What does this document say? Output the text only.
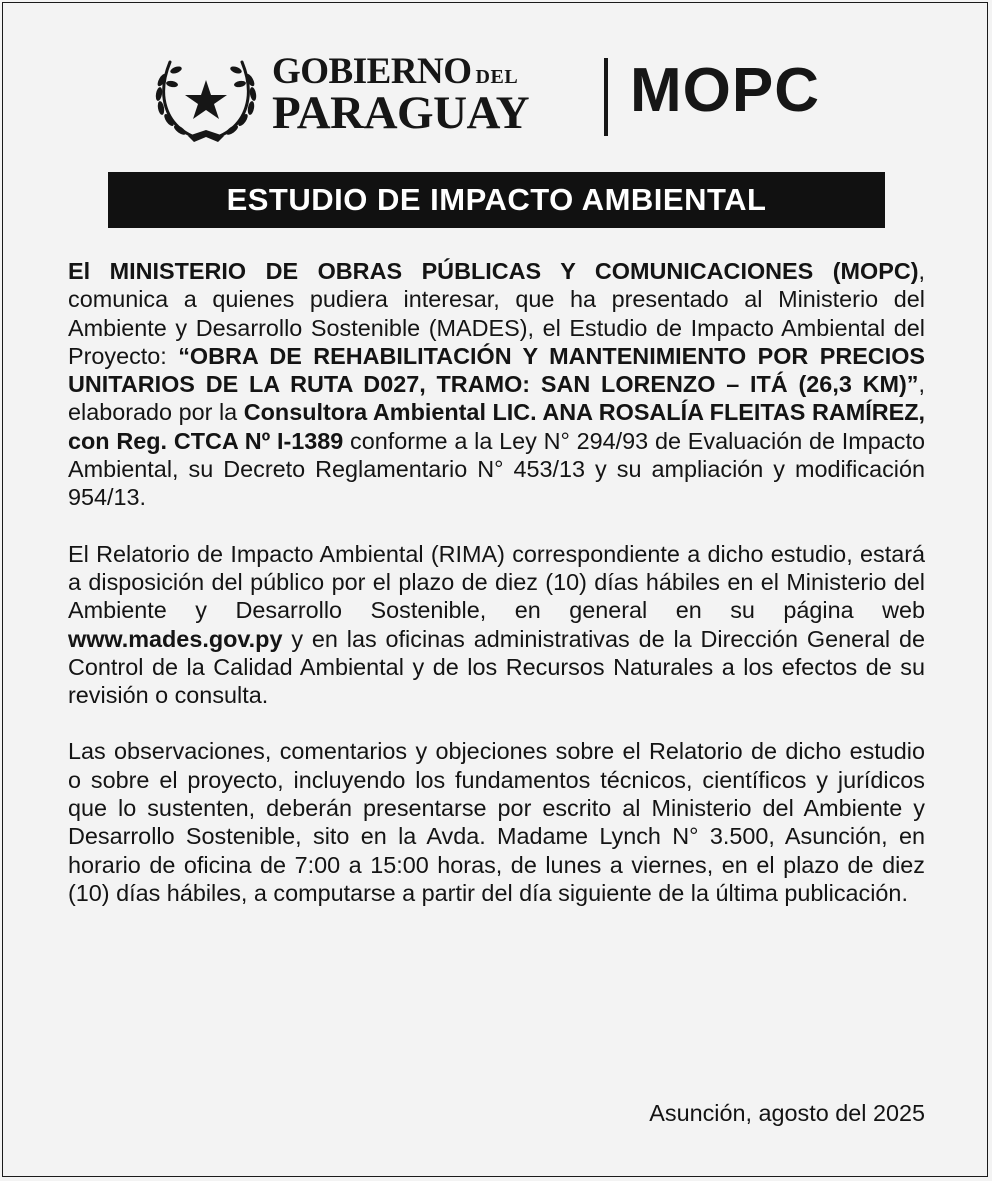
GOBIERNO DEL
PARAGUAY MOPC
ESTUDIO DE IMPACTO AMBIENTAL

El MINISTERIO DE OBRAS PÚBLICAS Y COMUNICACIONES (MOPC), comunica a quienes pudiera interesar, que ha presentado al Ministerio del Ambiente y Desarrollo Sostenible (MADES), el Estudio de Impacto Ambiental del Proyecto: “OBRA DE REHABILITACIÓN Y MANTENIMIENTO POR PRECIOS UNITARIOS DE LA RUTA D027, TRAMO: SAN LORENZO – ITÁ (26,3 KM)”, elaborado por la Consultora Ambiental LIC. ANA ROSALÍA FLEITAS RAMÍREZ, con Reg. CTCA Nº I-1389 conforme a la Ley N° 294/93 de Evaluación de Impacto Ambiental, su Decreto Reglamentario N° 453/13 y su ampliación y modificación 954/13.

El Relatorio de Impacto Ambiental (RIMA) correspondiente a dicho estudio, estará a disposición del público por el plazo de diez (10) días hábiles en el Ministerio del Ambiente y Desarrollo Sostenible, en general en su página web www.mades.gov.py y en las oficinas administrativas de la Dirección General de Control de la Calidad Ambiental y de los Recursos Naturales a los efectos de su revisión o consulta.

Las observaciones, comentarios y objeciones sobre el Relatorio de dicho estudio o sobre el proyecto, incluyendo los fundamentos técnicos, científicos y jurídicos que lo sustenten, deberán presentarse por escrito al Ministerio del Ambiente y Desarrollo Sostenible, sito en la Avda. Madame Lynch N° 3.500, Asunción, en horario de oficina de 7:00 a 15:00 horas, de lunes a viernes, en el plazo de diez (10) días hábiles, a computarse a partir del día siguiente de la última publicación.

Asunción, agosto del 2025
